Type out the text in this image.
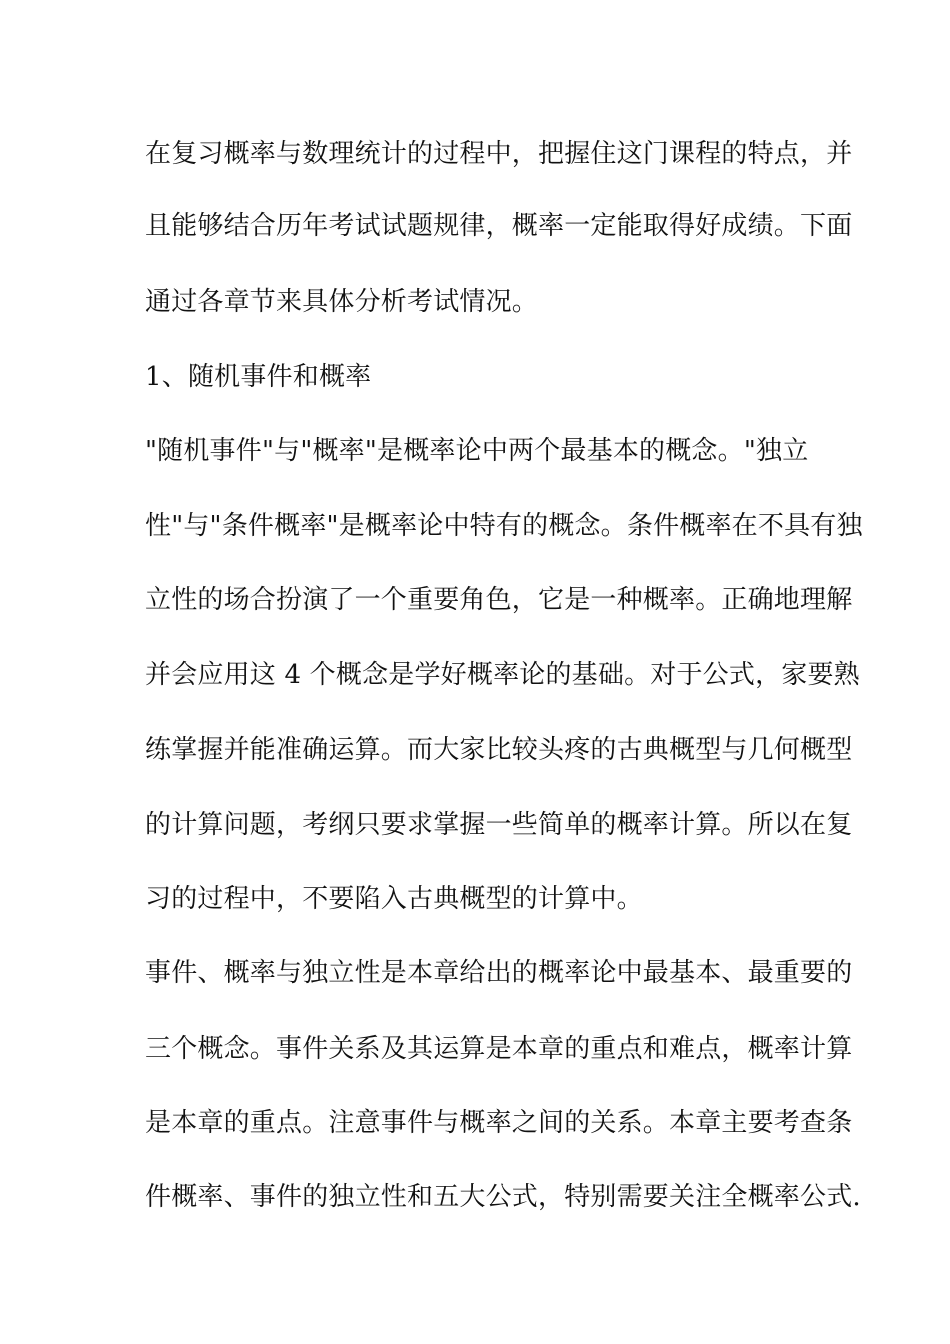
在复习概率与数理统计的过程中，把握住这门课程的特点，并
且能够结合历年考试试题规律，概率一定能取得好成绩。下面
通过各章节来具体分析考试情况。
1、随机事件和概率
"随机事件"与"概率"是概率论中两个最基本的概念。"独立
性"与"条件概率"是概率论中特有的概念。条件概率在不具有独
立性的场合扮演了一个重要角色，它是一种概率。正确地理解
并会应用这 4 个概念是学好概率论的基础。对于公式，家要熟
练掌握并能准确运算。而大家比较头疼的古典概型与几何概型
的计算问题，考纲只要求掌握一些简单的概率计算。所以在复
习的过程中，不要陷入古典概型的计算中。
事件、概率与独立性是本章给出的概率论中最基本、最重要的
三个概念。事件关系及其运算是本章的重点和难点，概率计算
是本章的重点。注意事件与概率之间的关系。本章主要考查条
件概率、事件的独立性和五大公式，特别需要关注全概率公式.
